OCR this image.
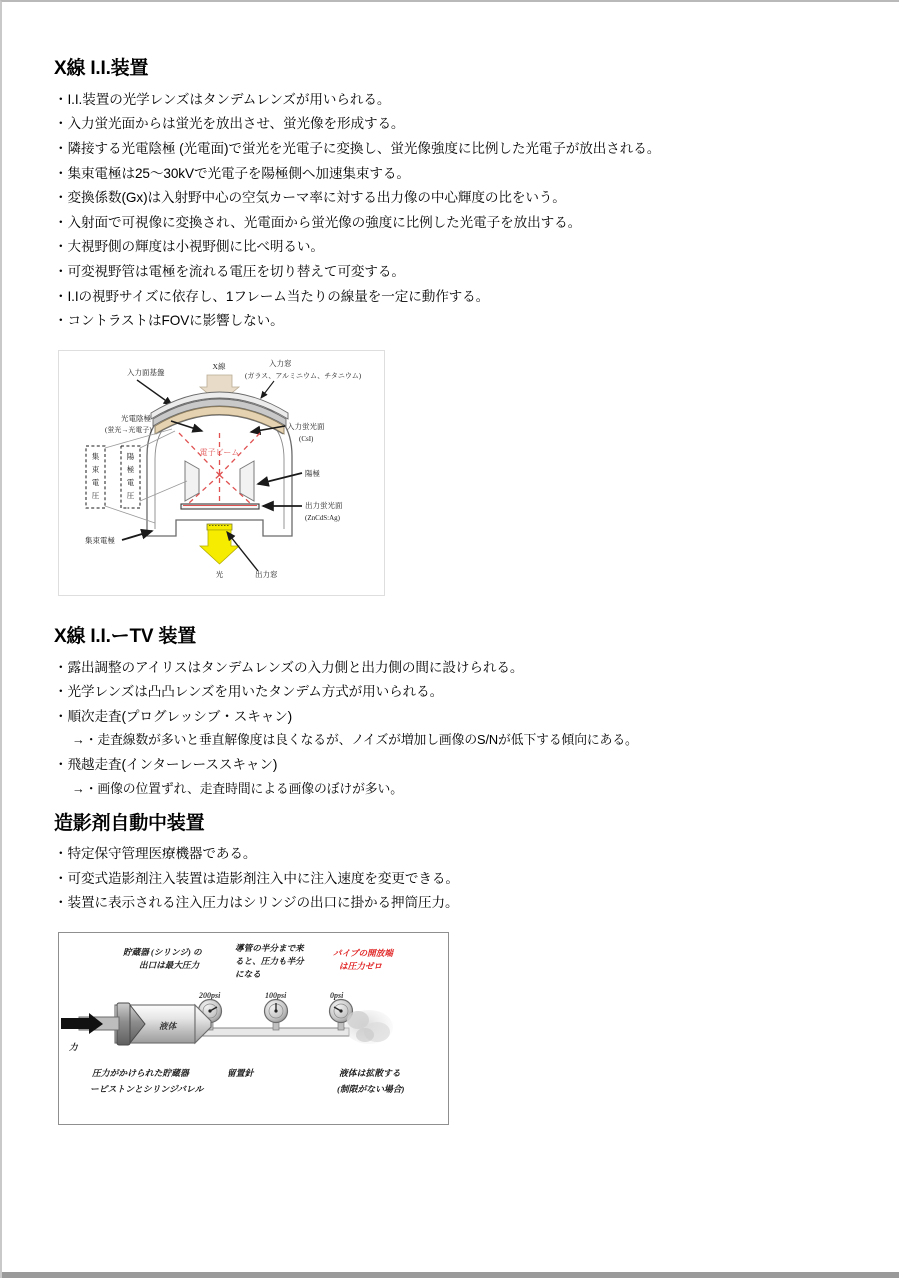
X線 I.I.装置
・I.I.装置の光学レンズはタンデムレンズが用いられる。
・入力蛍光面からは蛍光を放出させ、蛍光像を形成する。
・隣接する光電陰極 (光電面)で蛍光を光電子に変換し、蛍光像強度に比例した光電子が放出される。
・集束電極は25〜30kVで光電子を陽極側へ加速集束する。
・変換係数(Gx)は入射野中心の空気カーマ率に対する出力像の中心輝度の比をいう。
・入射面で可視像に変換され、光電面から蛍光像の強度に比例した光電子を放出する。
・大視野側の輝度は小視野側に比べ明るい。
・可変視野管は電極を流れる電圧を切り替えて可変する。
・I.Iの視野サイズに依存し、1フレーム当たりの線量を一定に動作する。
・コントラストはFOVに影響しない。
X線	入力窓
(ガラス、アルミニウム、チタニウム)
入力面基盤
光電陰極
(蛍光→光電子)	入力蛍光面
(CsI)
電子ビーム
陽極
出力蛍光面
(ZnCdS:Ag)
集
束
電
圧
陽
極
電
圧
集束電極
光	出力窓
X線 I.I.ーTV 装置
・露出調整のアイリスはタンデムレンズの入力側と出力側の間に設けられる。
・光学レンズは凸凸レンズを用いたタンデム方式が用いられる。
・順次走査(プログレッシブ・スキャン)
→・走査線数が多いと垂直解像度は良くなるが、ノイズが増加し画像のS/Nが低下する傾向にある。
・飛越走査(インターレーススキャン)
→・画像の位置ずれ、走査時間による画像のぼけが多い。
造影剤自動中装置
・特定保守管理医療機器である。
・可変式造影剤注入装置は造影剤注入中に注入速度を変更できる。
・装置に表示される注入圧力はシリンジの出口に掛かる押筒圧力。
貯蔵器 (シリンジ) の
出口は最大圧力
導管の半分まで来
ると、圧力も半分
になる
パイプの開放端
は圧力ゼロ
200psi	100psi	0psi
力
液体
圧力がかけられた貯蔵器
ーピストンとシリンジバレル
留置針	液体は拡散する
(制限がない場合)
